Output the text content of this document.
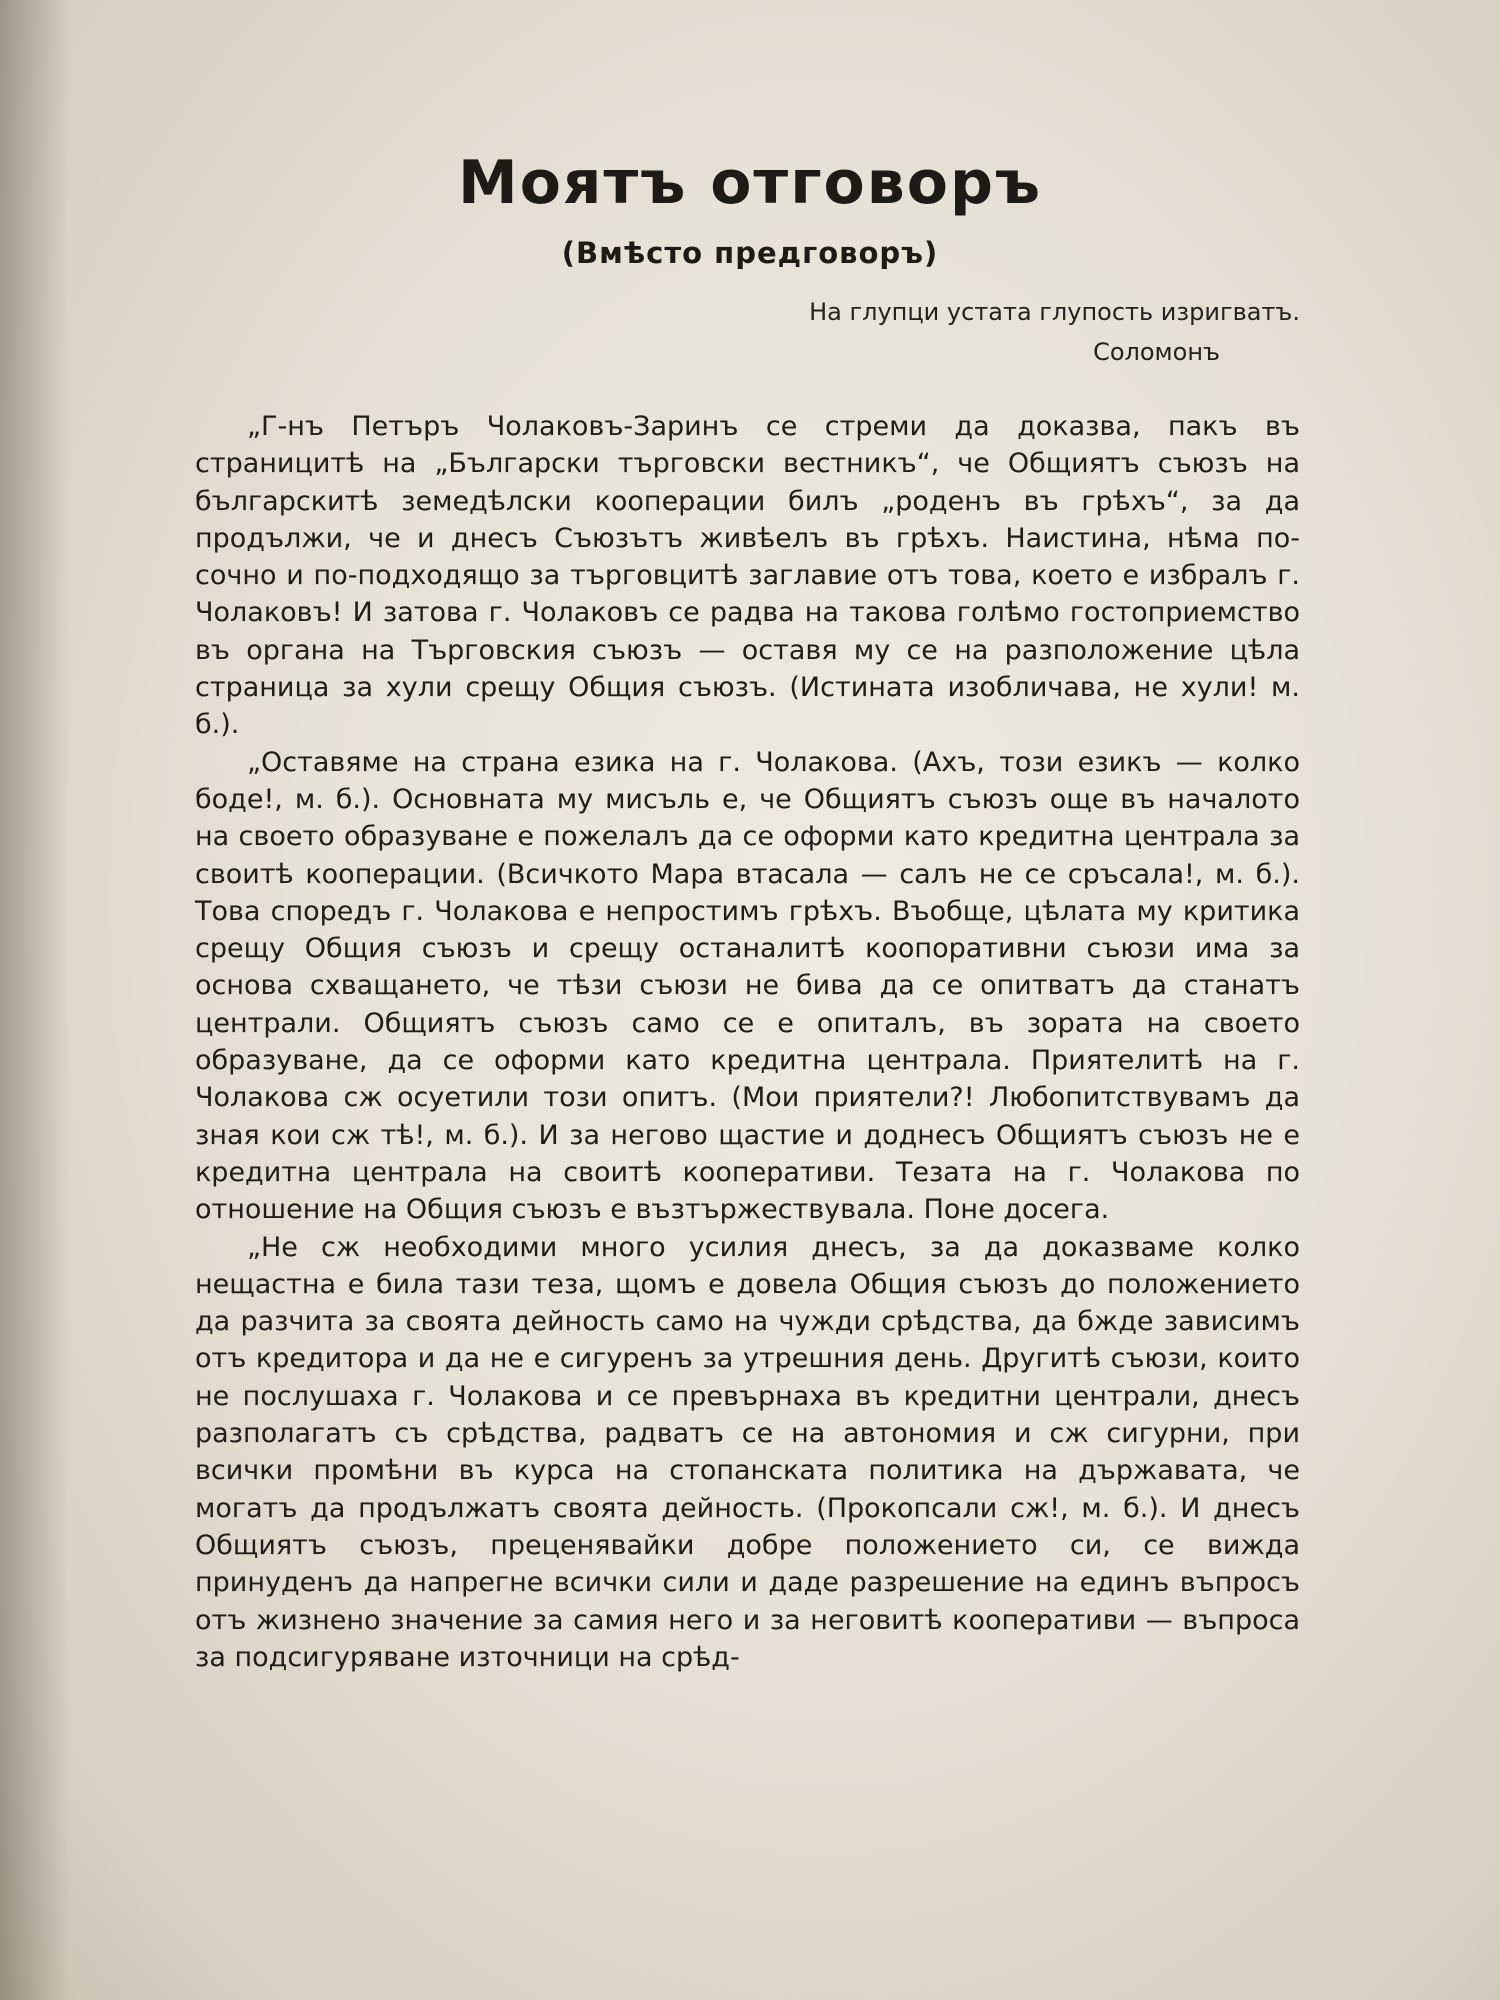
Моятъ отговоръ
(Вмѣсто предговоръ)
На глупци устата глупость изригватъ.
Соломонъ

„Г-нъ Петъръ Чолаковъ-Заринъ се стреми да доказва, пакъ въ страницитѣ на „Български търговски вестникъ“, че Общиятъ съюзъ на българскитѣ земедѣлски кооперации билъ „роденъ въ грѣхъ“, за да продължи, че и днесъ Съюзътъ живѣелъ въ грѣхъ. Наистина, нѣма по-сочно и по-подходящо за търговцитѣ заглавие отъ това, което е избралъ г. Чолаковъ! И затова г. Чолаковъ се радва на такова голѣмо гостоприемство въ органа на Търговския съюзъ — оставя му се на разположение цѣла страница за хули срещу Общия съюзъ. (Истината изобличава, не хули! м. б.).

„Оставяме на страна езика на г. Чолакова. (Ахъ, този езикъ — колко боде!, м. б.). Основната му мисъль е, че Общиятъ съюзъ още въ началото на своето образуване е пожелалъ да се оформи като кредитна централа за своитѣ кооперации. (Всичкото Мара втасала — салъ не се сръсала!, м. б.). Това споредъ г. Чолакова е непростимъ грѣхъ. Въобще, цѣлата му критика срещу Общия съюзъ и срещу останалитѣ коопоративни съюзи има за основа схващането, че тѣзи съюзи не бива да се опитватъ да станатъ централи. Общиятъ съюзъ само се е опиталъ, въ зората на своето образуване, да се оформи като кредитна централа. Приятелитѣ на г. Чолакова сж осуетили този опитъ. (Мои приятели?! Любопитствувамъ да зная кои сж тѣ!, м. б.). И за негово щастие и доднесъ Общиятъ съюзъ не е кредитна централа на своитѣ кооперативи. Тезата на г. Чолакова по отношение на Общия съюзъ е възтържествувала. Поне досега.

„Не сж необходими много усилия днесъ, за да доказваме колко нещастна е била тази теза, щомъ е довела Общия съюзъ до положението да разчита за своята дейность само на чужди срѣдства, да бжде зависимъ отъ кредитора и да не е сигуренъ за утрешния день. Другитѣ съюзи, които не послушаха г. Чолакова и се превърнаха въ кредитни централи, днесъ разполагатъ съ срѣдства, радватъ се на автономия и сж сигурни, при всички промѣни въ курса на стопанската политика на държавата, че могатъ да продължатъ своята дейность. (Прокопсали сж!, м. б.). И днесъ Общиятъ съюзъ, преценявайки добре положението си, се вижда принуденъ да напрегне всички сили и даде разрешение на единъ въпросъ отъ жизнено значение за самия него и за неговитѣ кооперативи — въпроса за подсигуряване източници на срѣд-
